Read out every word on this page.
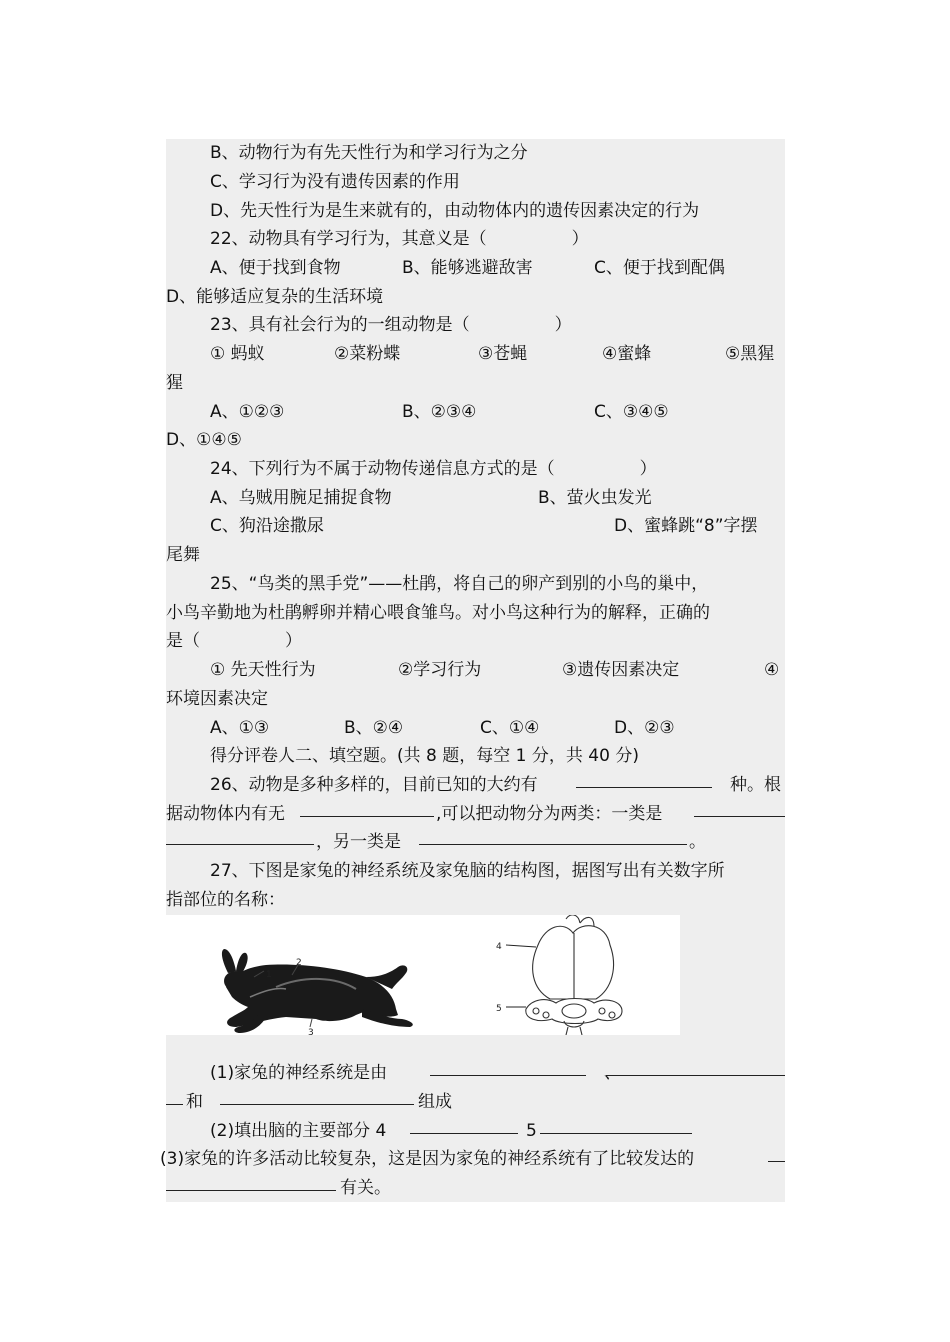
B、动物行为有先天性行为和学习行为之分
C、学习行为没有遗传因素的作用
D、先天性行为是生来就有的，由动物体内的遗传因素决定的行为
22、动物具有学习行为，其意义是（　　　　　）
A、便于找到食物	B、能够逃避敌害	C、便于找到配偶
D、能够适应复杂的生活环境
23、具有社会行为的一组动物是（　　　　　）
① 蚂蚁	②菜粉蝶	③苍蝇	④蜜蜂	⑤黑猩
猩
A、①②③	B、②③④	C、③④⑤
D、①④⑤
24、下列行为不属于动物传递信息方式的是（　　　　　）
A、乌贼用腕足捕捉食物	B、萤火虫发光
C、狗沿途撒尿	D、蜜蜂跳“8”字摆
尾舞
25、“鸟类的黑手党”——杜鹃，将自己的卵产到别的小鸟的巢中，
小鸟辛勤地为杜鹃孵卵并精心喂食雏鸟。对小鸟这种行为的解释，正确的
是（　　　　　）
① 先天性行为	②学习行为	③遗传因素决定	④
环境因素决定
A、①③	B、②④	C、①④	D、②③
得分评卷人二、填空题。(共 8 题，每空 1 分，共 40 分)
26、动物是多种多样的，目前已知的大约有	种。根
据动物体内有无	,可以把动物分为两类：一类是
，另一类是	。
27、下图是家兔的神经系统及家兔脑的结构图，据图写出有关数字所
指部位的名称：
1
2
3
4
5
(1)家兔的神经系统是由	、
和	组成
(2)填出脑的主要部分 4	5
(3)家兔的许多活动比较复杂，这是因为家兔的神经系统有了比较发达的
有关。
